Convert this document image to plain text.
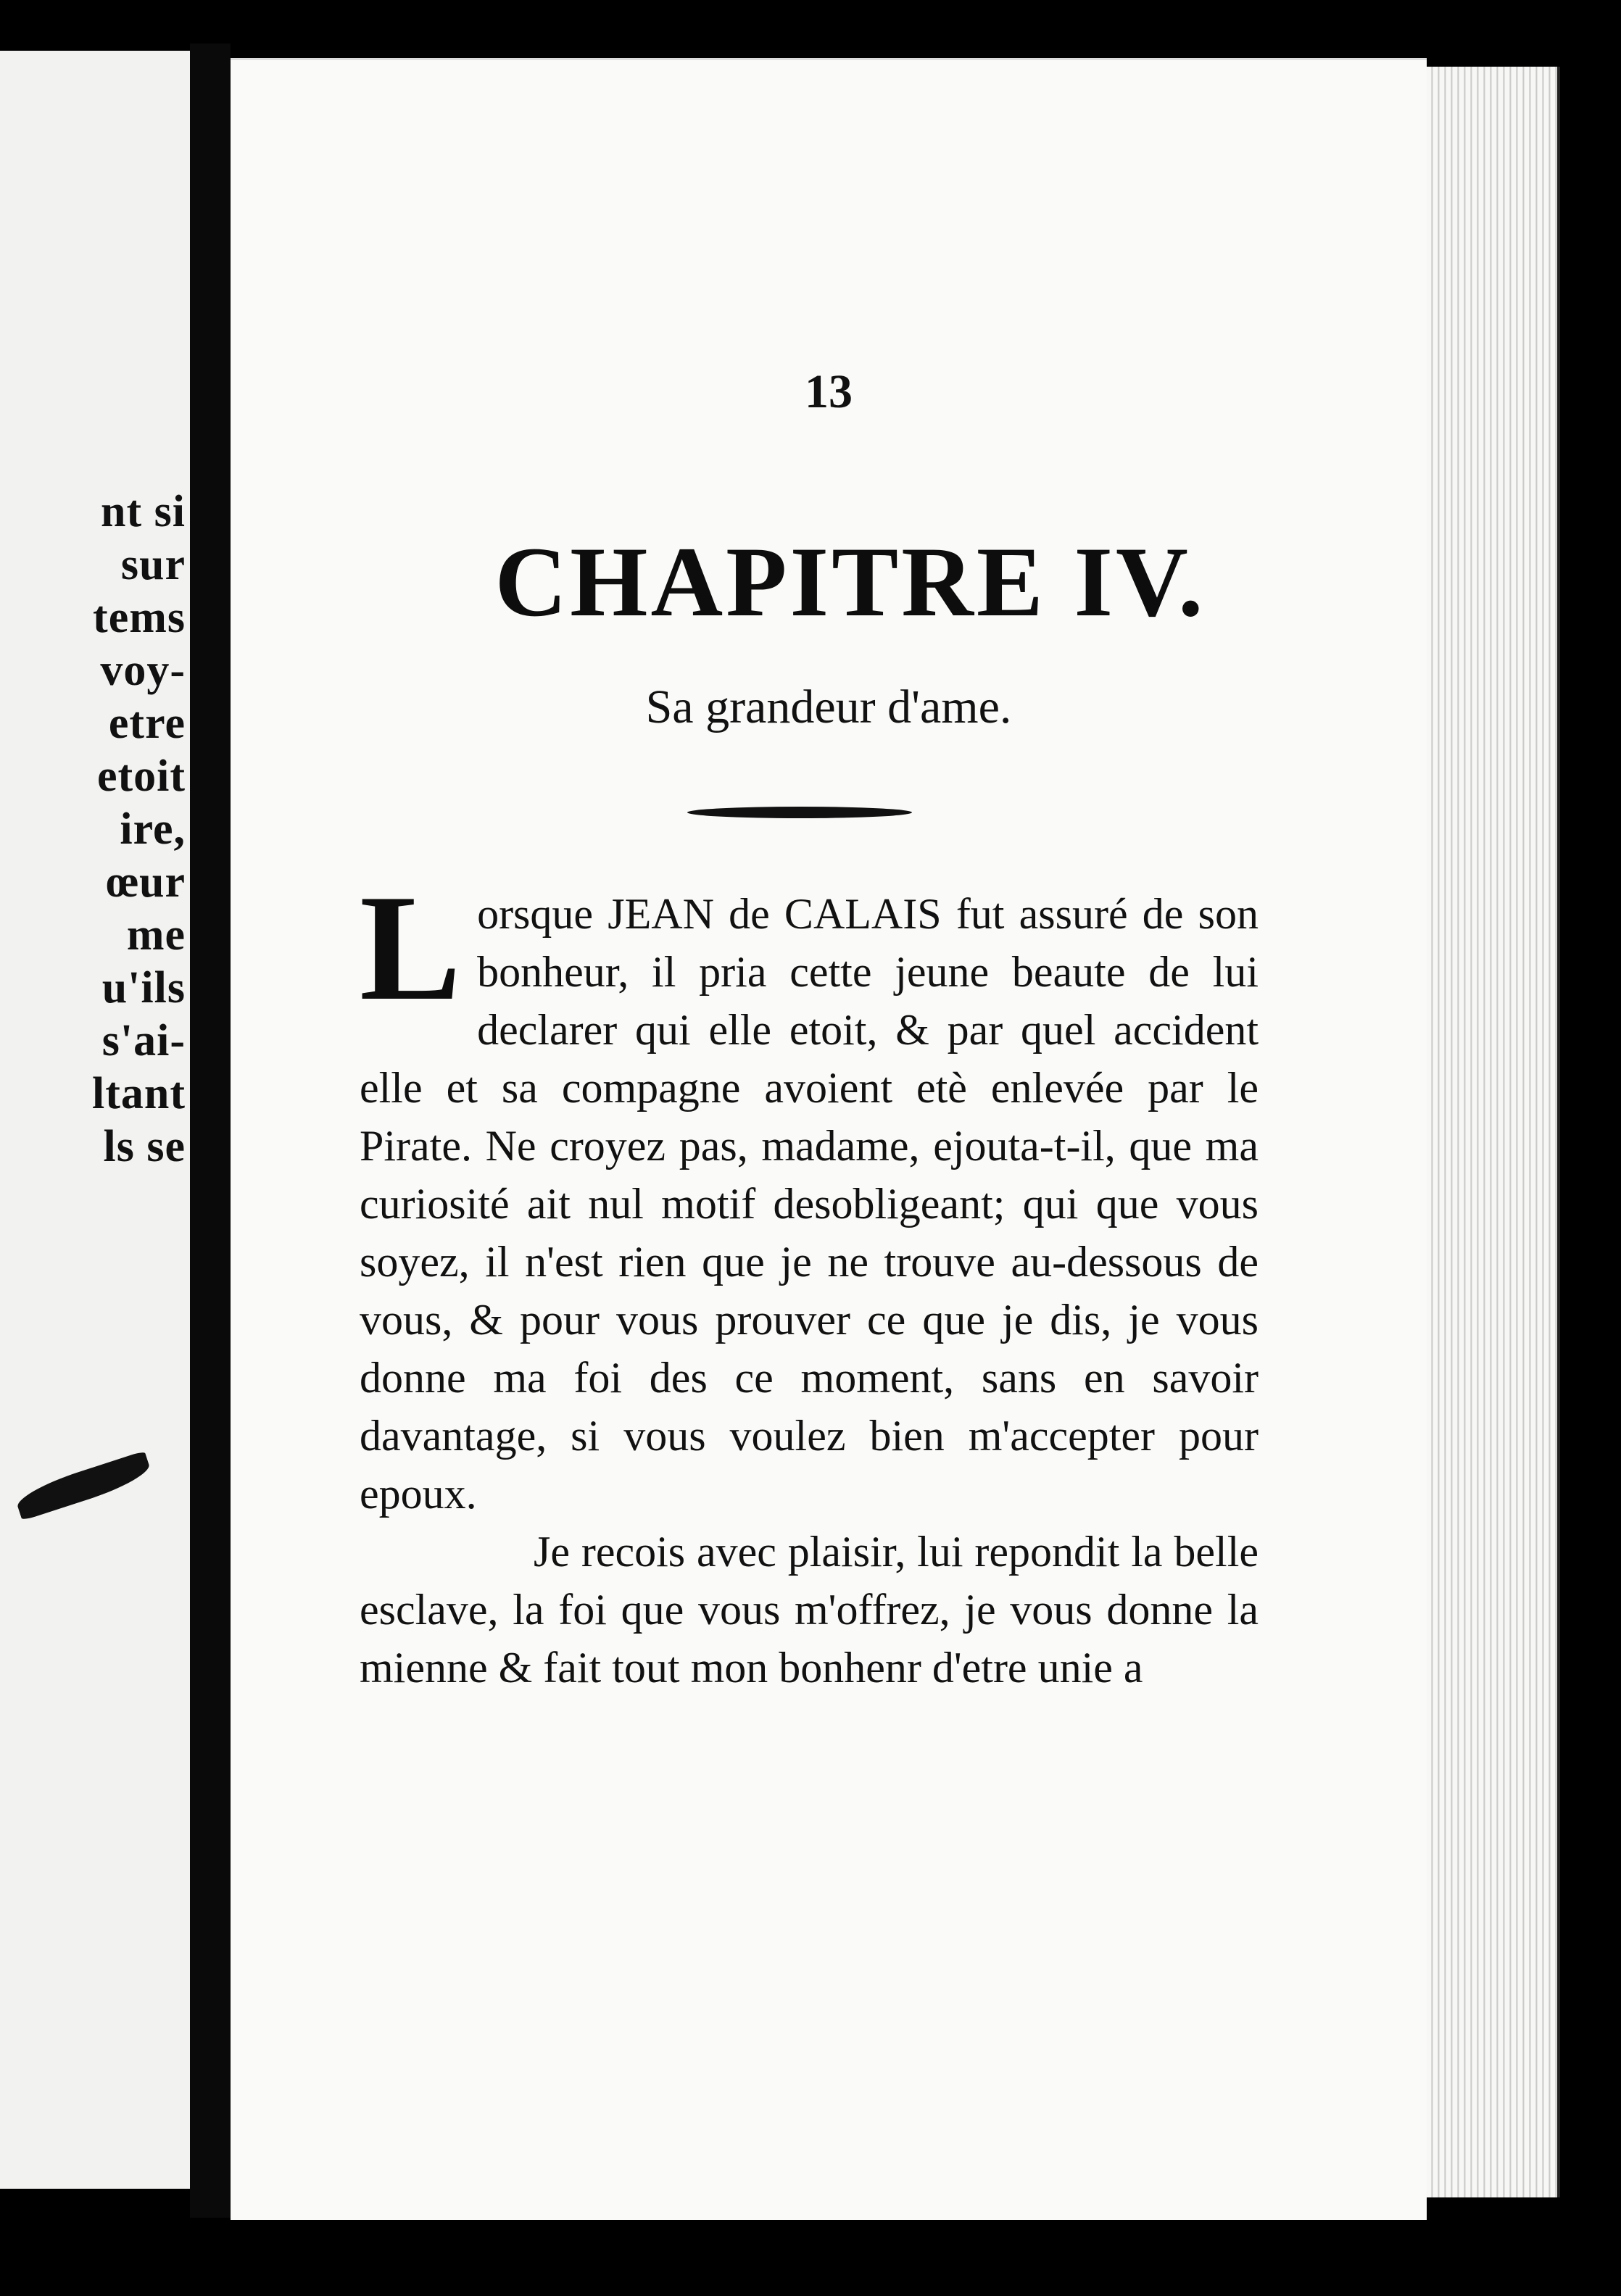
nt si
sur
tems
voy-
etre
etoit
ire,
œur
me
u'ils
s'ai-
ltant
ls se
13
CHAPITRE IV.
Sa grandeur d'ame.

L orsque JEAN de CALAIS fut assuré de son bonheur, il pria cette jeune beaute de lui declarer qui elle etoit, & par quel accident elle et sa compagne avoient etè enlevée par le Pirate. Ne croyez pas, madame, ejouta-t-il, que ma curiosité ait nul motif desobligeant; qui que vous soyez, il n'est rien que je ne trouve au-dessous de vous, & pour vous prouver ce que je dis, je vous donne ma foi des ce moment, sans en savoir davantage, si vous voulez bien m'accepter pour epoux.

Je recois avec plaisir, lui repondit la belle esclave, la foi que vous m'offrez, je vous donne la mienne & fait tout mon bonhenr d'etre unie a
